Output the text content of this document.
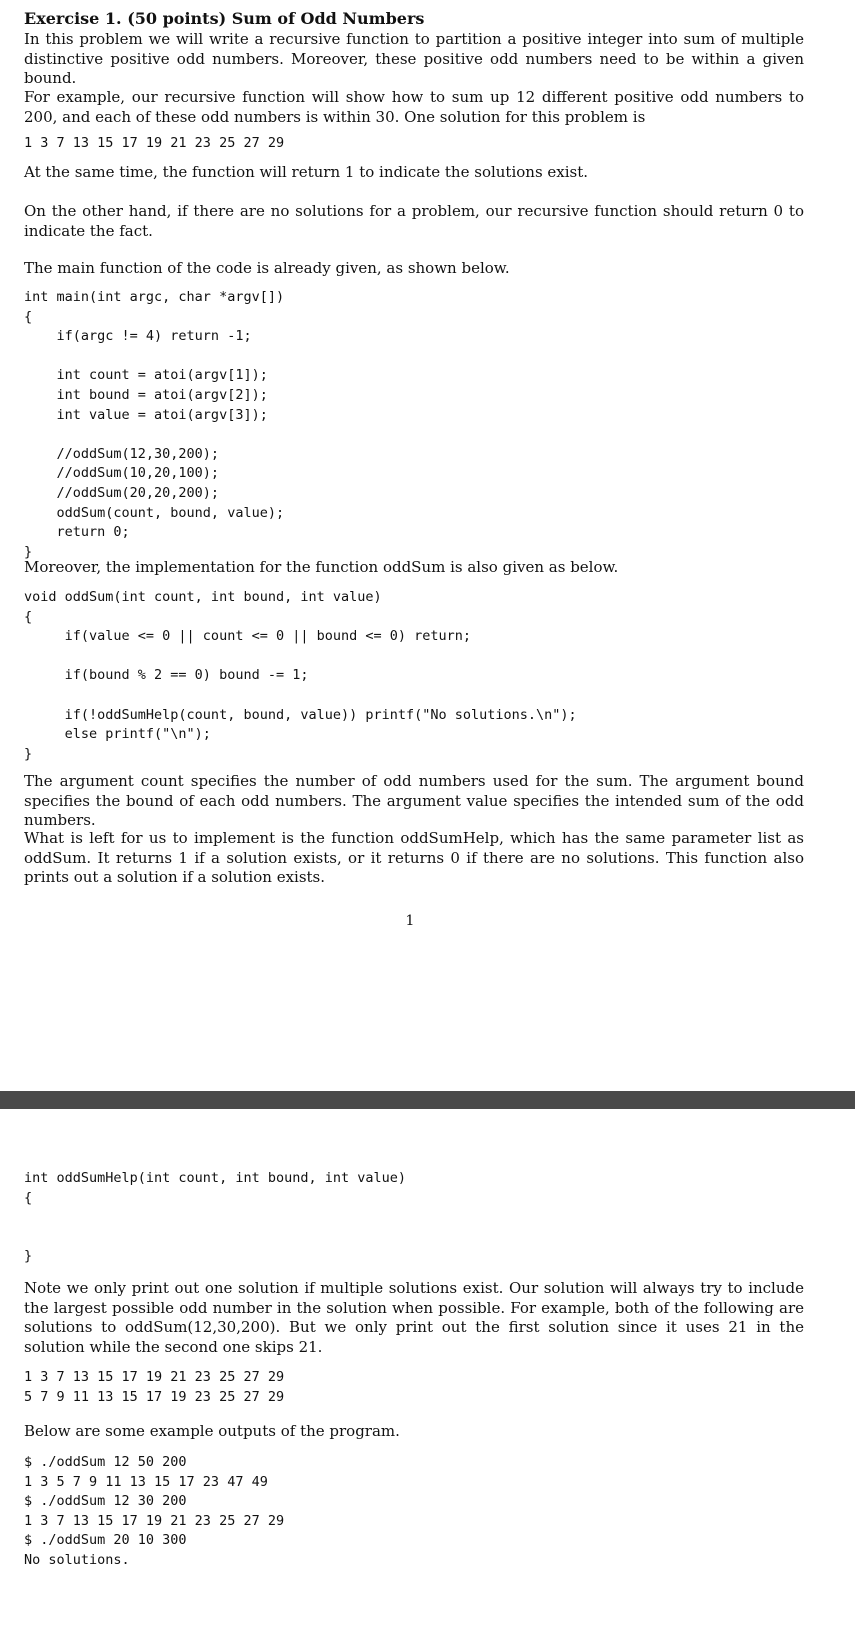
Exercise 1. (50 points) Sum of Odd Numbers
In this problem we will write a recursive function to partition a positive integer into sum of multiple distinctive positive odd numbers. Moreover, these positive odd numbers need to be within a given bound.
For example, our recursive function will show how to sum up 12 different positive odd numbers to 200, and each of these odd numbers is within 30. One solution for this problem is
1 3 7 13 15 17 19 21 23 25 27 29
At the same time, the function will return 1 to indicate the solutions exist.
On the other hand, if there are no solutions for a problem, our recursive function should return 0 to indicate the fact.
The main function of the code is already given, as shown below.
int main(int argc, char *argv[])
{
if(argc != 4) return -1;

int count = atoi(argv[1]);
int bound = atoi(argv[2]);
int value = atoi(argv[3]);

//oddSum(12,30,200);
//oddSum(10,20,100);
//oddSum(20,20,200);
oddSum(count, bound, value);
return 0;
}
Moreover, the implementation for the function oddSum is also given as below.
void oddSum(int count, int bound, int value)
{
if(value <= 0 || count <= 0 || bound <= 0) return;

if(bound % 2 == 0) bound -= 1;

if(!oddSumHelp(count, bound, value)) printf("No solutions.\n");
else printf("\n");
}
The argument count specifies the number of odd numbers used for the sum. The argument bound specifies the bound of each odd numbers. The argument value specifies the intended sum of the odd numbers.
What is left for us to implement is the function oddSumHelp, which has the same parameter list as oddSum. It returns 1 if a solution exists, or it returns 0 if there are no solutions. This function also prints out a solution if a solution exists.
1
int oddSumHelp(int count, int bound, int value)
{

}
Note we only print out one solution if multiple solutions exist. Our solution will always try to include the largest possible odd number in the solution when possible. For example, both of the following are solutions to oddSum(12,30,200). But we only print out the first solution since it uses 21 in the solution while the second one skips 21.
1 3 7 13 15 17 19 21 23 25 27 29
5 7 9 11 13 15 17 19 23 25 27 29
Below are some example outputs of the program.
$ ./oddSum 12 50 200
1 3 5 7 9 11 13 15 17 23 47 49
$ ./oddSum 12 30 200
1 3 7 13 15 17 19 21 23 25 27 29
$ ./oddSum 20 10 300
No solutions.
